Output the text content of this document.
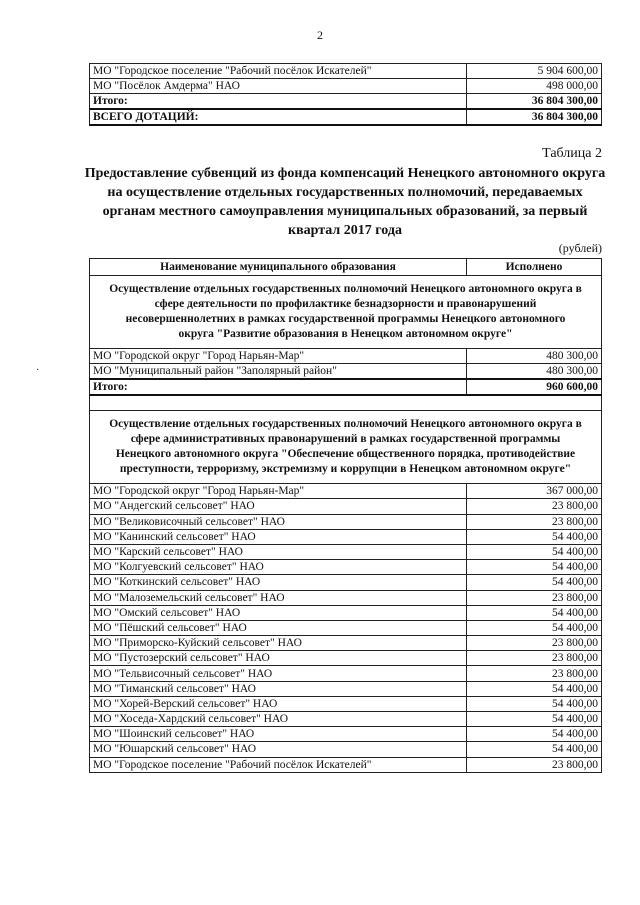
2
МО "Городское поселение "Рабочий посёлок Искателей"	5 904 600,00
МО "Посёлок Амдерма" НАО	498 000,00
Итого:	36 804 300,00
ВСЕГО ДОТАЦИЙ:	36 804 300,00
Таблица 2
Предоставление субвенций из фонда компенсаций Ненецкого автономного округа на осуществление отдельных государственных полномочий, передаваемых органам местного самоуправления муниципальных образований, за первый квартал 2017 года
(рублей)
·
Наименование муниципального образования	Исполнено
Осуществление отдельных государственных полномочий Ненецкого автономного округа в сфере деятельности по профилактике безнадзорности и правонарушений несовершеннолетних в рамках государственной программы Ненецкого автономного округа "Развитие образования в Ненецком автономном округе"	
МО "Городской округ "Город Нарьян-Мар"	480 300,00
МО "Муниципальный район "Заполярный район"	480 300,00
Итого:	960 600,00

Осуществление отдельных государственных полномочий Ненецкого автономного округа в сфере административных правонарушений в рамках государственной программы Ненецкого автономного округа "Обеспечение общественного порядка, противодействие преступности, терроризму, экстремизму и коррупции в Ненецком автономном округе"	
МО "Городской округ "Город Нарьян-Мар"	367 000,00
МО "Андегский сельсовет" НАО	23 800,00
МО "Великовисочный сельсовет" НАО	23 800,00
МО "Канинский сельсовет" НАО	54 400,00
МО "Карский сельсовет" НАО	54 400,00
МО "Колгуевский сельсовет" НАО	54 400,00
МО "Коткинский сельсовет" НАО	54 400,00
МО "Малоземельский сельсовет" НАО	23 800,00
МО "Омский сельсовет" НАО	54 400,00
МО "Пёшский сельсовет" НАО	54 400,00
МО "Приморско-Куйский сельсовет" НАО	23 800,00
МО "Пустозерский сельсовет" НАО	23 800,00
МО "Тельвисочный сельсовет" НАО	23 800,00
МО "Тиманский сельсовет" НАО	54 400,00
МО "Хорей-Верский сельсовет" НАО	54 400,00
МО "Хоседа-Хардский сельсовет" НАО	54 400,00
МО "Шоинский сельсовет" НАО	54 400,00
МО "Юшарский сельсовет" НАО	54 400,00
МО "Городское поселение "Рабочий посёлок Искателей"	23 800,00
